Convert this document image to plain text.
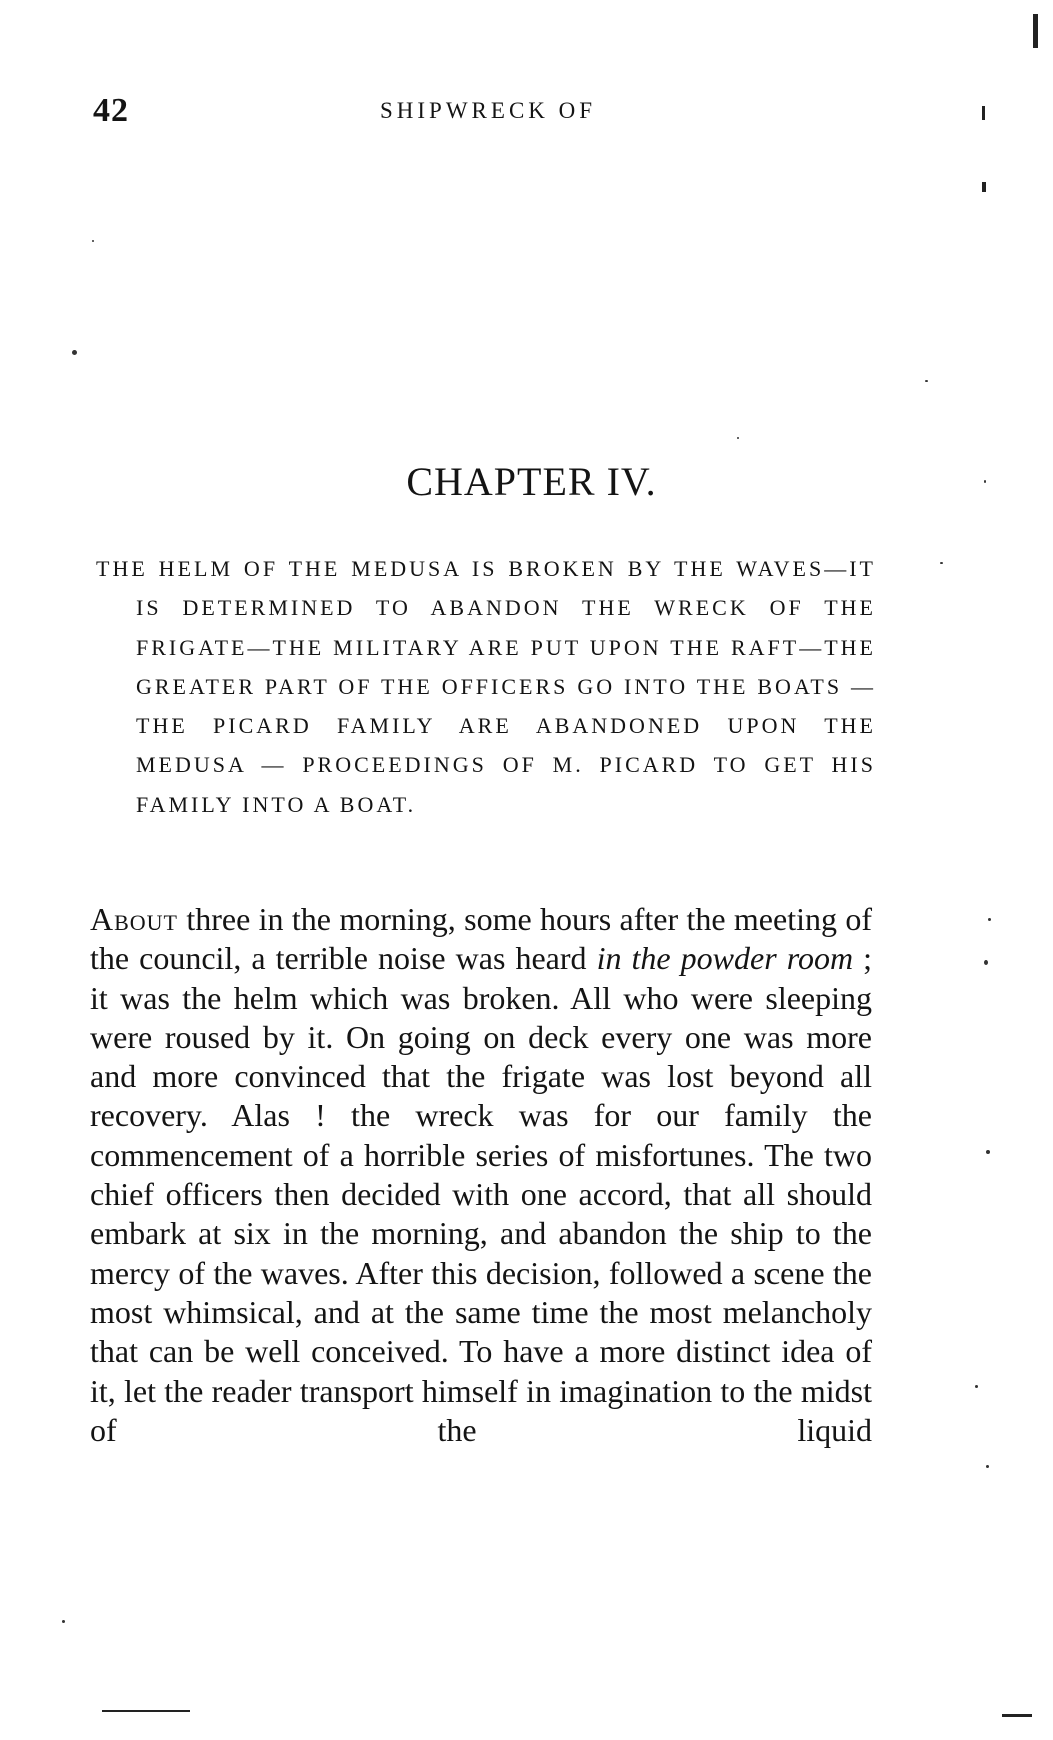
42	SHIPWRECK OF
CHAPTER IV.
THE HELM OF THE MEDUSA IS BROKEN BY THE WAVES—IT IS DETERMINED TO ABANDON THE WRECK OF THE FRIGATE—THE MILITARY ARE PUT UPON THE RAFT—THE GREATER PART OF THE OFFICERS GO INTO THE BOATS —THE PICARD FAMILY ARE ABANDONED UPON THE MEDUSA — PROCEEDINGS OF M. PICARD TO GET HIS FAMILY INTO A BOAT.

About three in the morning, some hours after the meeting of the council, a terrible noise was heard in the powder room ; it was the helm which was broken. All who were sleeping were roused by it. On going on deck every one was more and more convinced that the frigate was lost beyond all recovery. Alas ! the wreck was for our family the commencement of a horrible series of misfortunes. The two chief officers then decided with one accord, that all should embark at six in the morning, and abandon the ship to the mercy of the waves. After this decision, followed a scene the most whimsical, and at the same time the most melancholy that can be well conceived. To have a more distinct idea of it, let the reader transport himself in imagination to the midst of the liquid
